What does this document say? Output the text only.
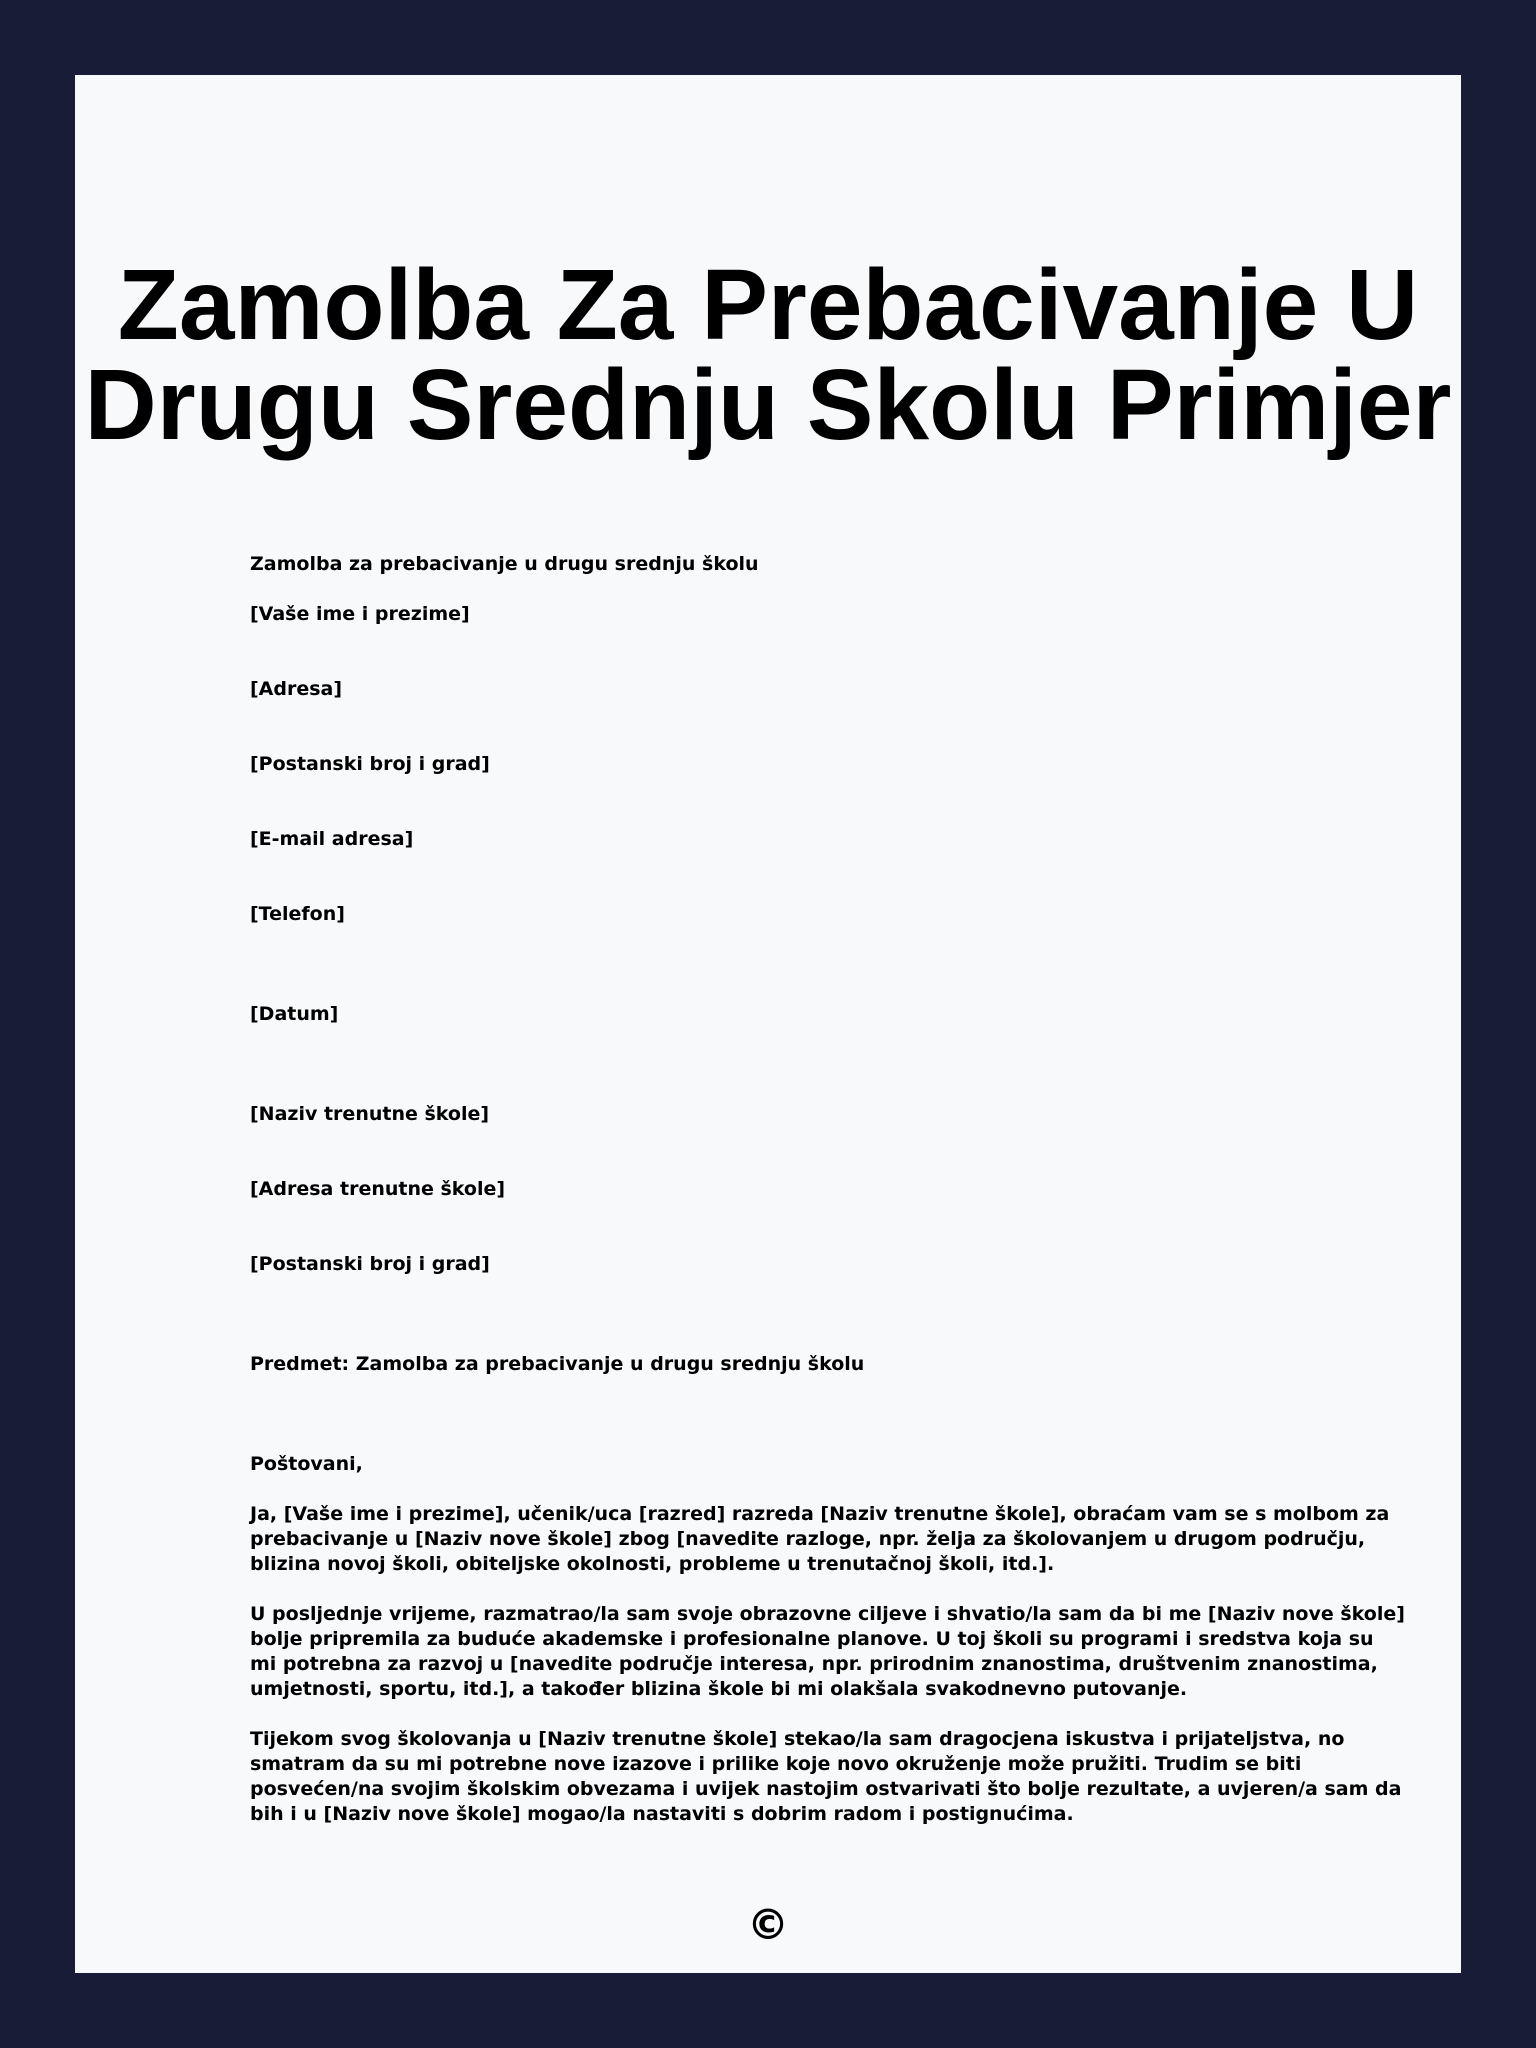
Zamolba Za Prebacivanje U
Drugu Srednju Skolu Primjer
Zamolba za prebacivanje u drugu srednju školu
[Vaše ime i prezime]
[Adresa]
[Postanski broj i grad]
[E-mail adresa]
[Telefon]
[Datum]
[Naziv trenutne škole]
[Adresa trenutne škole]
[Postanski broj i grad]
Predmet: Zamolba za prebacivanje u drugu srednju školu
Poštovani,
Ja, [Vaše ime i prezime], učenik/uca [razred] razreda [Naziv trenutne škole], obraćam vam se s molbom za
prebacivanje u [Naziv nove škole] zbog [navedite razloge, npr. želja za školovanjem u drugom području,
blizina novoj školi, obiteljske okolnosti, probleme u trenutačnoj školi, itd.].
U posljednje vrijeme, razmatrao/la sam svoje obrazovne ciljeve i shvatio/la sam da bi me [Naziv nove škole]
bolje pripremila za buduće akademske i profesionalne planove. U toj školi su programi i sredstva koja su
mi potrebna za razvoj u [navedite područje interesa, npr. prirodnim znanostima, društvenim znanostima,
umjetnosti, sportu, itd.], a također blizina škole bi mi olakšala svakodnevno putovanje.
Tijekom svog školovanja u [Naziv trenutne škole] stekao/la sam dragocjena iskustva i prijateljstva, no
smatram da su mi potrebne nove izazove i prilike koje novo okruženje može pružiti. Trudim se biti
posvećen/na svojim školskim obvezama i uvijek nastojim ostvarivati što bolje rezultate, a uvjeren/a sam da
bih i u [Naziv nove škole] mogao/la nastaviti s dobrim radom i postignućima.
©
